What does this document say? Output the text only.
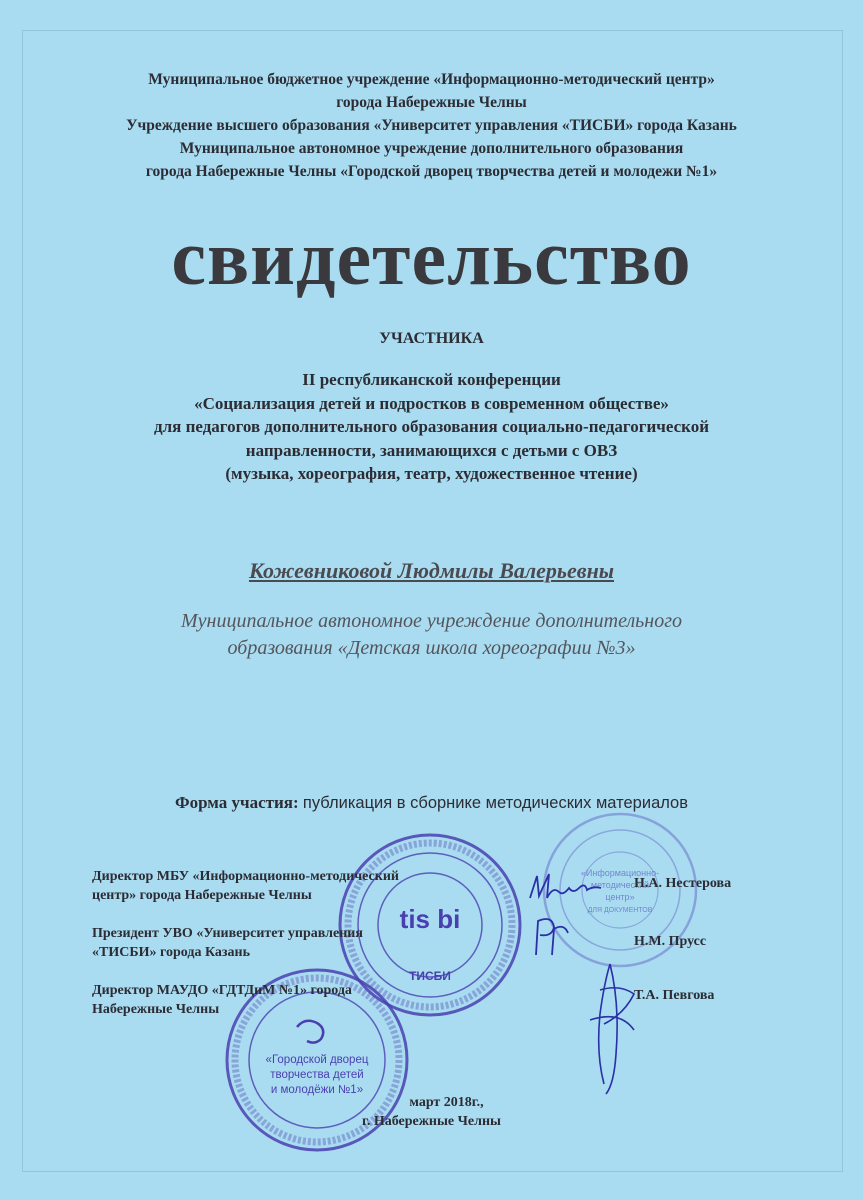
Муниципальное бюджетное учреждение «Информационно-методический центр»
города Набережные Челны
Учреждение высшего образования «Университет управления «ТИСБИ» города Казань
Муниципальное автономное учреждение дополнительного образования
города Набережные Челны «Городской дворец творчества детей и молодежи №1»
свидетельство
УЧАСТНИКА
II республиканской конференции
«Социализация детей и подростков в современном обществе»
для педагогов дополнительного образования социально-педагогической
направленности, занимающихся с детьми с ОВЗ
(музыка, хореография, театр, художественное чтение)
Кожевниковой Людмилы Валерьевны
Муниципальное автономное учреждение дополнительного
образования «Детская школа хореографии №3»
Форма участия: публикация в сборнике методических материалов
«Информационно-
методический
центр»
ДЛЯ ДОКУМЕНТОВ
tis bi
ТИСБИ
«Городской дворец
творчества детей
и молодёжи №1»
Директор МБУ «Информационно-методический
центр» города Набережные Челны
Н.А. Нестерова
Президент УВО «Университет управления
«ТИСБИ» города Казань
Н.М. Прусс
Директор МАУДО «ГДТДиМ №1» города
Набережные Челны
Т.А. Певгова
март 2018г.,
г. Набережные Челны
